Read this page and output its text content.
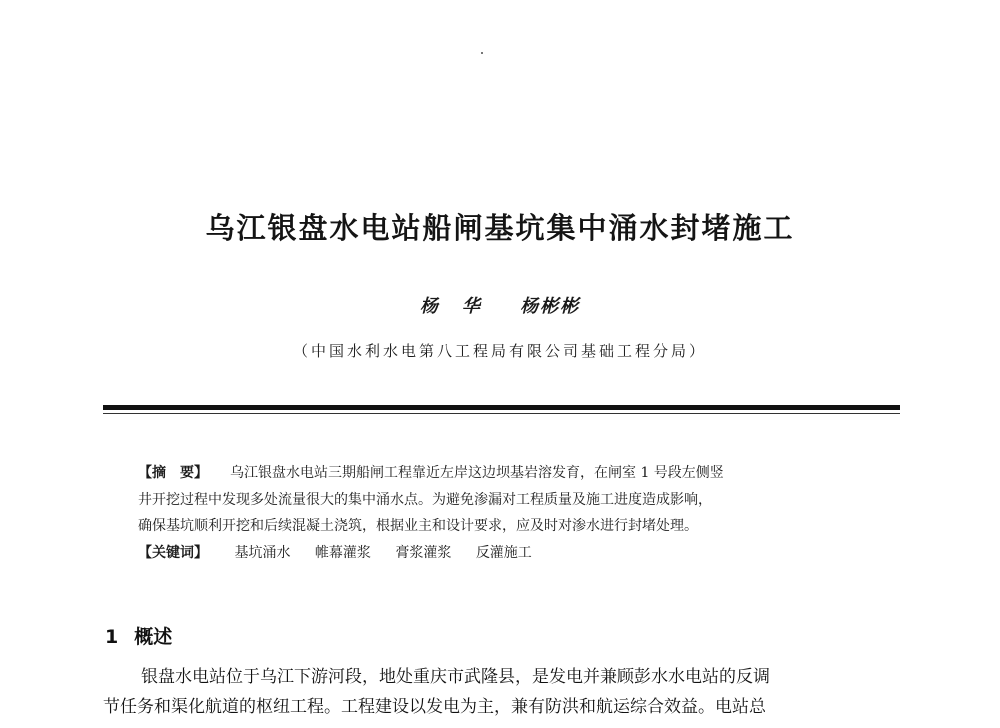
乌江银盘水电站船闸基坑集中涌水封堵施工
杨华 杨彬彬
（中国水利水电第八工程局有限公司基础工程分局）
【摘　要】 乌江银盘水电站三期船闸工程靠近左岸这边坝基岩溶发育，在闸室 1 号段左侧竖
井开挖过程中发现多处流量很大的集中涌水点。为避免渗漏对工程质量及施工进度造成影响，
确保基坑顺利开挖和后续混凝土浇筑，根据业主和设计要求，应及时对渗水进行封堵处理。
【关键词】 基坑涌水 帷幕灌浆 膏浆灌浆 反灌施工
1 概述
银盘水电站位于乌江下游河段，地处重庆市武隆县，是发电并兼顾彭水水电站的反调
节任务和渠化航道的枢纽工程。工程建设以发电为主，兼有防洪和航运综合效益。电站总
